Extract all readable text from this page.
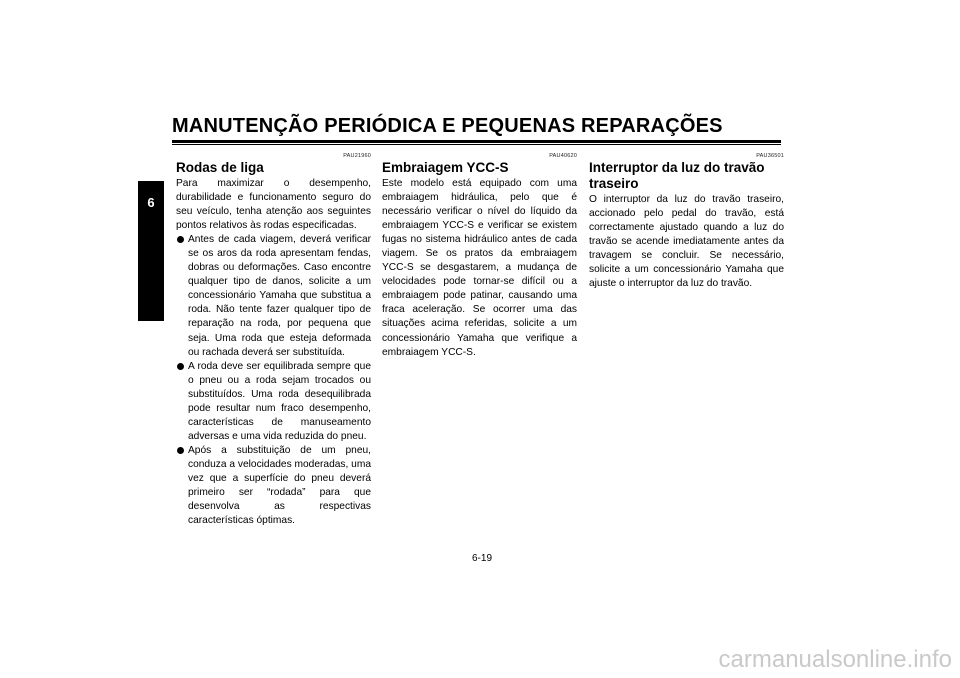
MANUTENÇÃO PERIÓDICA E PEQUENAS REPARAÇÕES
6
PAU21960
Rodas de liga

Para maximizar o desempenho, durabilidade e funcionamento seguro do seu veículo, tenha atenção aos seguintes pontos relativos às rodas especificadas.

Antes de cada viagem, deverá verificar se os aros da roda apresentam fendas, dobras ou deformações. Caso encontre qualquer tipo de danos, solicite a um concessionário Yamaha que substitua a roda. Não tente fazer qualquer tipo de reparação na roda, por pequena que seja. Uma roda que esteja deformada ou rachada deverá ser substituída.
A roda deve ser equilibrada sempre que o pneu ou a roda sejam trocados ou substituídos. Uma roda desequilibrada pode resultar num fraco desempenho, características de manuseamento adversas e uma vida reduzida do pneu.
Após a substituição de um pneu, conduza a velocidades moderadas, uma vez que a superfície do pneu deverá primeiro ser “rodada” para que desenvolva as respectivas características óptimas.
PAU40620
Embraiagem YCC-S

Este modelo está equipado com uma embraiagem hidráulica, pelo que é necessário verificar o nível do líquido da embraiagem YCC-S e verificar se existem fugas no sistema hidráulico antes de cada viagem. Se os pratos da embraiagem YCC-S se desgastarem, a mudança de velocidades pode tornar-se difícil ou a embraiagem pode patinar, causando uma fraca aceleração. Se ocorrer uma das situações acima referidas, solicite a um concessionário Yamaha que verifique a embraiagem YCC-S.

PAU36501
Interruptor da luz do travão traseiro

O interruptor da luz do travão traseiro, accionado pelo pedal do travão, está correctamente ajustado quando a luz do travão se acende imediatamente antes da travagem se concluir. Se necessário, solicite a um concessionário Yamaha que ajuste o interruptor da luz do travão.

6-19
carmanualsonline.info
